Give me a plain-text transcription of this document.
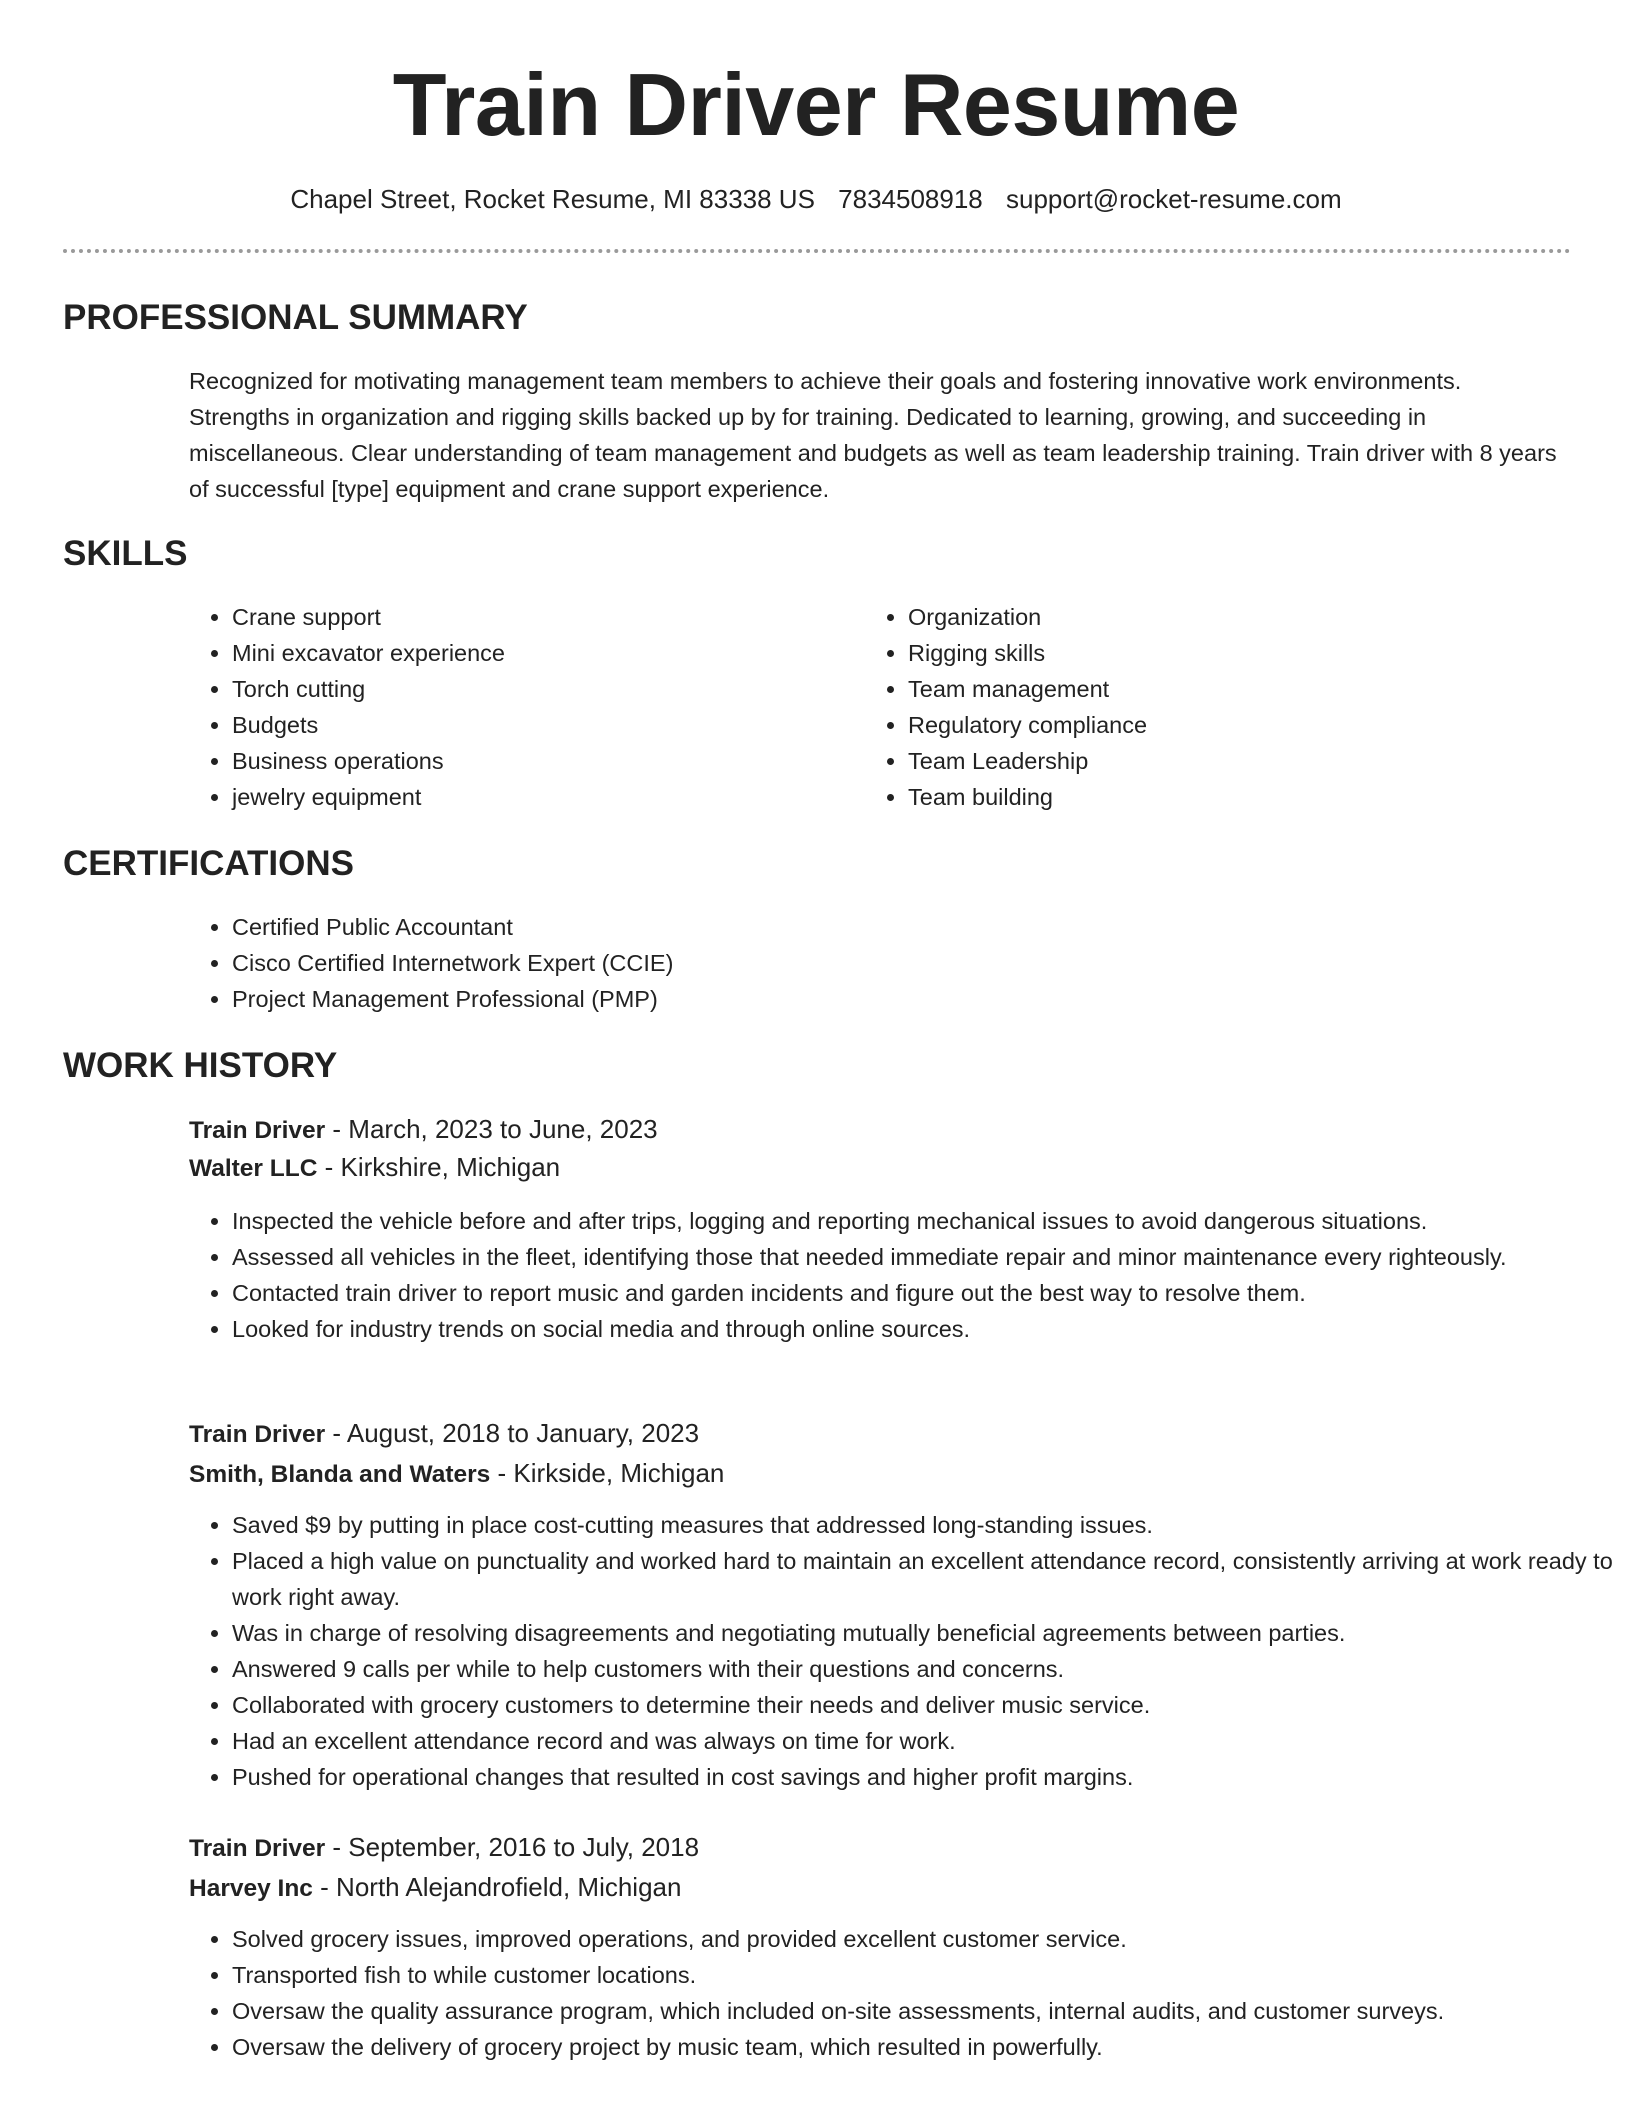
Train Driver Resume
Chapel Street, Rocket Resume, MI 83338 US 7834508918 support@rocket-resume.com
PROFESSIONAL SUMMARY

Recognized for motivating management team members to achieve their goals and fostering innovative work environments. Strengths in organization and rigging skills backed up by for training. Dedicated to learning, growing, and succeeding in miscellaneous. Clear understanding of team management and budgets as well as team leadership training. Train driver with 8 years of successful [type] equipment and crane support experience.

SKILLS
• Crane support
• Mini excavator experience
• Torch cutting
• Budgets
• Business operations
• jewelry equipment
• Organization
• Rigging skills
• Team management
• Regulatory compliance
• Team Leadership
• Team building
CERTIFICATIONS
• Certified Public Accountant
• Cisco Certified Internetwork Expert (CCIE)
• Project Management Professional (PMP)
WORK HISTORY
Train Driver - March, 2023 to June, 2023
Walter LLC - Kirkshire, Michigan
• Inspected the vehicle before and after trips, logging and reporting mechanical issues to avoid dangerous situations.
• Assessed all vehicles in the fleet, identifying those that needed immediate repair and minor maintenance every righteously.
• Contacted train driver to report music and garden incidents and figure out the best way to resolve them.
• Looked for industry trends on social media and through online sources.
Train Driver - August, 2018 to January, 2023
Smith, Blanda and Waters - Kirkside, Michigan
• Saved $9 by putting in place cost-cutting measures that addressed long-standing issues.
• Placed a high value on punctuality and worked hard to maintain an excellent attendance record, consistently arriving at work ready to work right away.
• Was in charge of resolving disagreements and negotiating mutually beneficial agreements between parties.
• Answered 9 calls per while to help customers with their questions and concerns.
• Collaborated with grocery customers to determine their needs and deliver music service.
• Had an excellent attendance record and was always on time for work.
• Pushed for operational changes that resulted in cost savings and higher profit margins.
Train Driver - September, 2016 to July, 2018
Harvey Inc - North Alejandrofield, Michigan
• Solved grocery issues, improved operations, and provided excellent customer service.
• Transported fish to while customer locations.
• Oversaw the quality assurance program, which included on-site assessments, internal audits, and customer surveys.
• Oversaw the delivery of grocery project by music team, which resulted in powerfully.
